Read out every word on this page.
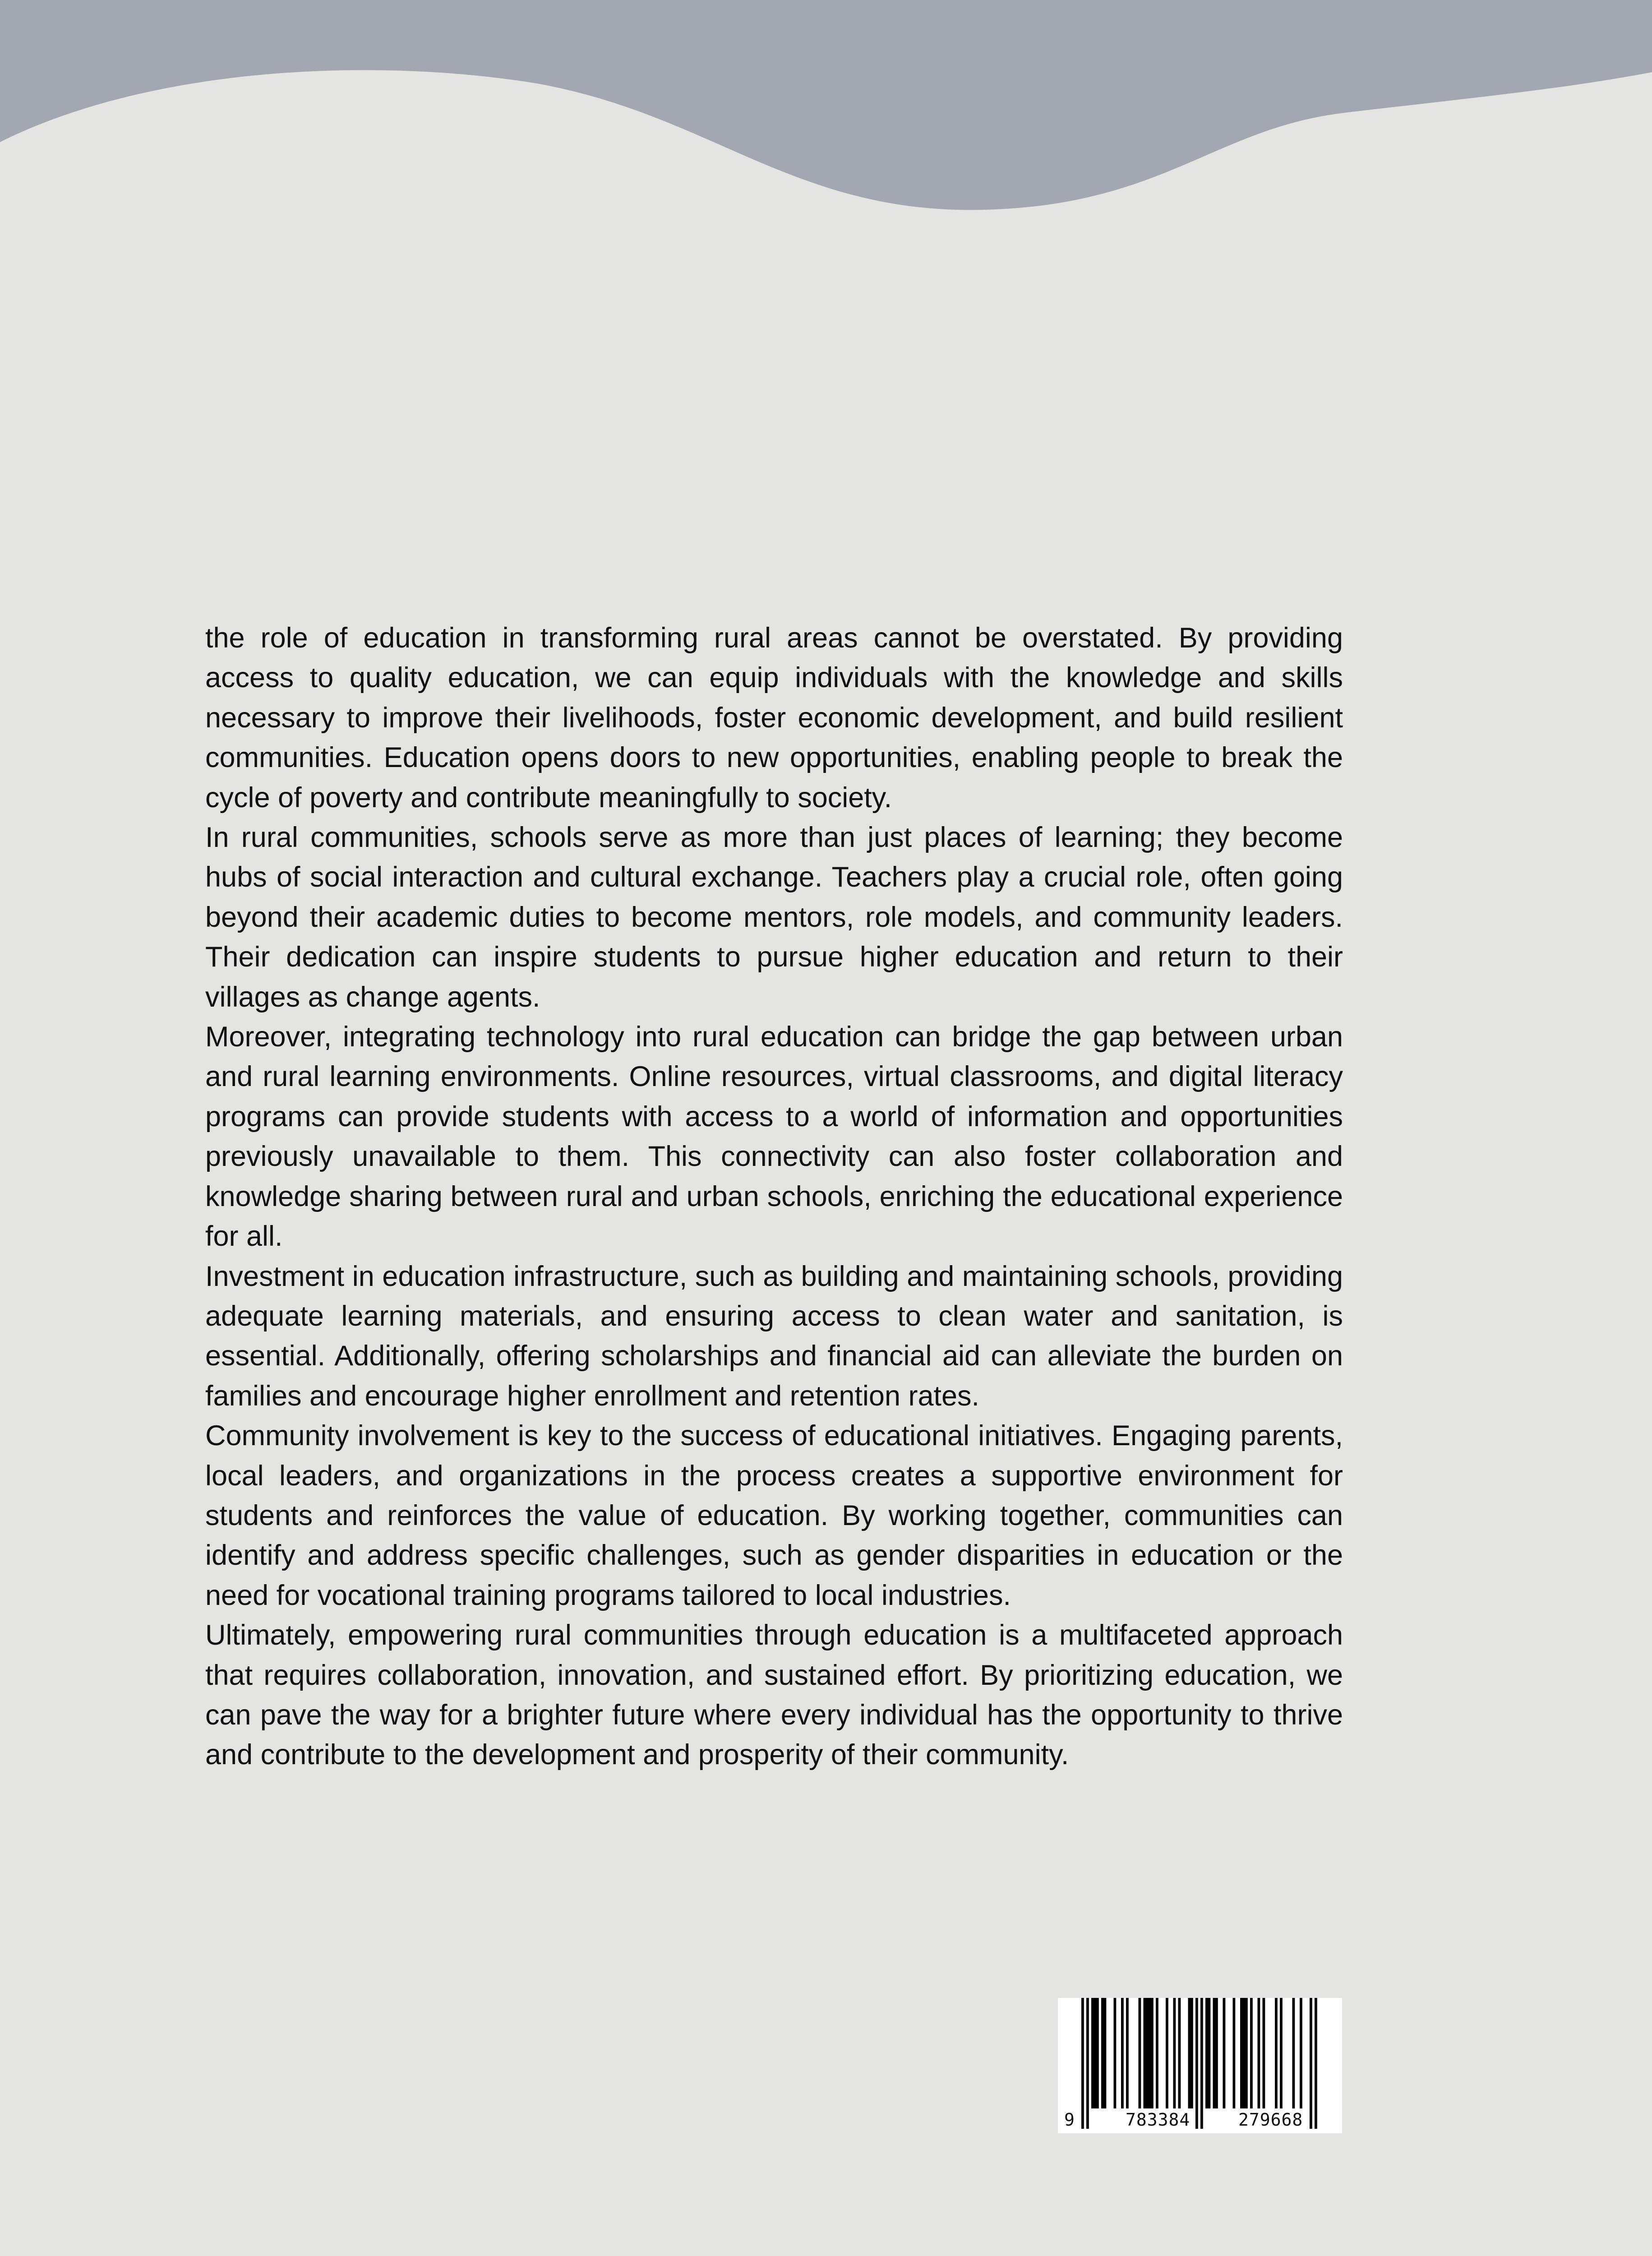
the role of education in transforming rural areas cannot be overstated. By providing access to quality education, we can equip individuals with the knowledge and skills necessary to improve their livelihoods, foster economic development, and build resilient communities. Education opens doors to new opportunities, enabling people to break the cycle of poverty and contribute meaningfully to society.

In rural communities, schools serve as more than just places of learning; they become hubs of social interaction and cultural exchange. Teachers play a crucial role, often going beyond their academic duties to become mentors, role models, and community leaders. Their dedication can inspire students to pursue higher education and return to their villages as change agents.

Moreover, integrating technology into rural education can bridge the gap between urban and rural learning environments. Online resources, virtual classrooms, and digital literacy programs can provide students with access to a world of information and opportunities previously unavailable to them. This connectivity can also foster collaboration and knowledge sharing between rural and urban schools, enriching the educational experience for all.

Investment in education infrastructure, such as building and maintaining schools, providing adequate learning materials, and ensuring access to clean water and sanitation, is essential. Additionally, offering scholarships and financial aid can alleviate the burden on families and encourage higher enrollment and retention rates.

Community involvement is key to the success of educational initiatives. Engaging parents, local leaders, and organizations in the process creates a supportive environment for students and reinforces the value of education. By working together, communities can identify and address specific challenges, such as gender disparities in education or the need for vocational training programs tailored to local industries.

Ultimately, empowering rural communities through education is a multifaceted approach that requires collaboration, innovation, and sustained effort. By prioritizing education, we can pave the way for a brighter future where every individual has the opportunity to thrive and contribute to the development and prosperity of their community.

9	783384	279668
